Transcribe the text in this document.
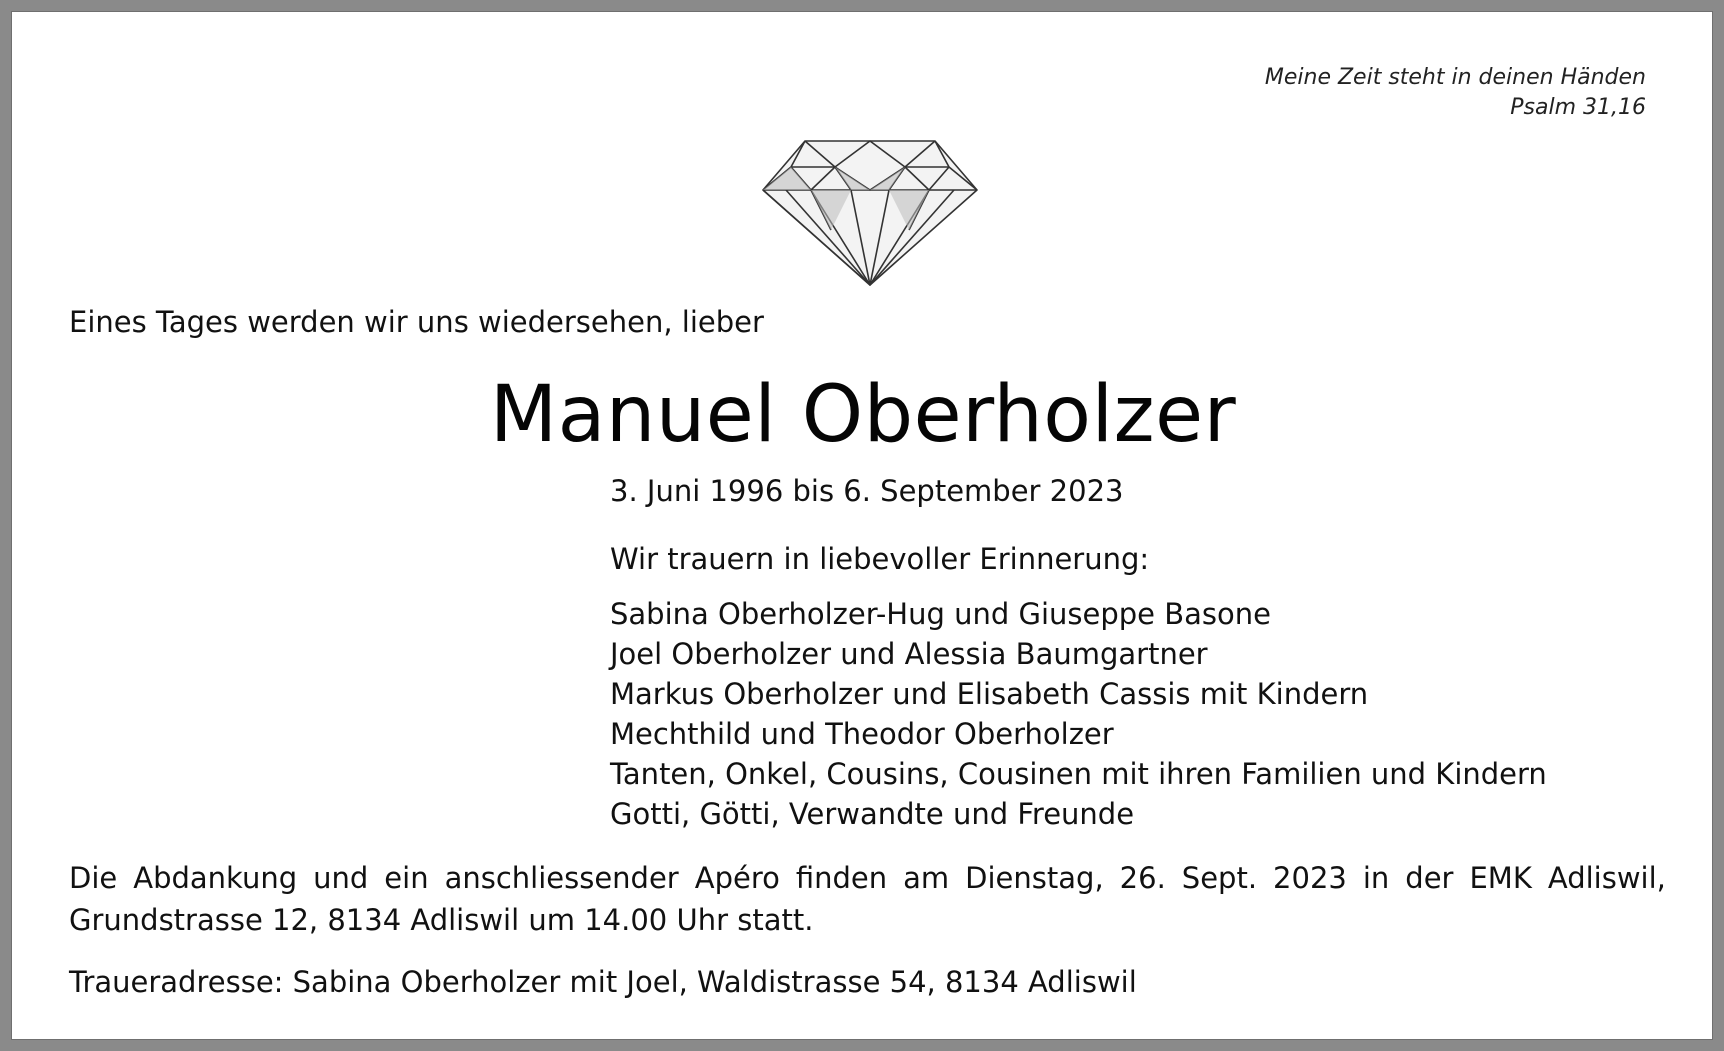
Meine Zeit steht in deinen Händen
Psalm 31,16
Eines Tages werden wir uns wiedersehen, lieber
Manuel Oberholzer
3. Juni 1996 bis 6. September 2023
Wir trauern in liebevoller Erinnerung:
Sabina Oberholzer-Hug und Giuseppe Basone
Joel Oberholzer und Alessia Baumgartner
Markus Oberholzer und Elisabeth Cassis mit Kindern
Mechthild und Theodor Oberholzer
Tanten, Onkel, Cousins, Cousinen mit ihren Familien und Kindern
Gotti, Götti, Verwandte und Freunde
Die Abdankung und ein anschliessender Apéro finden am Dienstag, 26. Sept. 2023 in der EMK Adliswil,
Grundstrasse 12, 8134 Adliswil um 14.00 Uhr statt.
Traueradresse: Sabina Oberholzer mit Joel, Waldistrasse 54, 8134 Adliswil
